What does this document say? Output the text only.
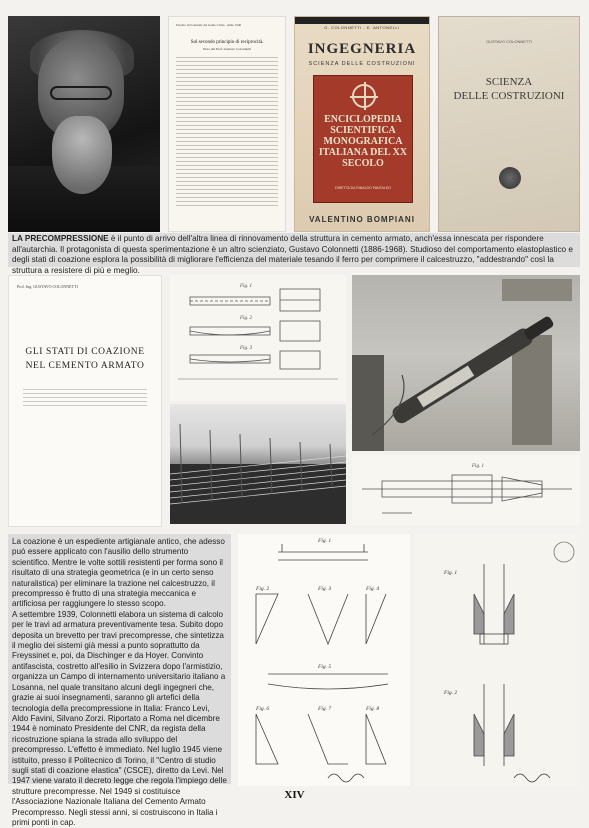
Estratto dal Giornale del Genio Civile - Anno 1940
Sul secondo principio di reciprocità.
Nota del Prof. Gustavo Colonnetti
G. COLONNETTI - E. ANTONELLI
INGEGNERIA
SCIENZA DELLE COSTRUZIONI
ENCICLOPEDIA SCIENTIFICA MONOGRAFICA ITALIANA DEL XX SECOLO
DIRETTA DA RINALDO PANTALEO
VALENTINO BOMPIANI
GUSTAVO COLONNETTI
SCIENZA
DELLE COSTRUZIONI
LA PRECOMPRESSIONE è il punto di arrivo dell'altra linea di rinnovamento della struttura in cemento armato, anch'essa innescata per rispondere all'autarchia. Il protagonista di questa sperimentazione è un altro scienziato, Gustavo Colonnetti (1886-1968). Studioso del comportamento elastoplastico e degli stati di coazione esplora la possibilità di migliorare l'efficienza del materiale tesando il ferro per comprimere il calcestruzzo, "addestrando" così la struttura a resistere di più e meglio.
Prof. Ing. GUSTAVO COLONNETTI
GLI STATI DI COAZIONE
NEL CEMENTO ARMATO
Fig. 1
Fig. 2
Fig. 3
Fig. 1

La coazione è un espediente artigianale antico, che adesso può essere applicato con l'ausilio dello strumento scientifico. Mentre le volte sottili resistenti per forma sono il risultato di una strategia geometrica (e in un certo senso naturalistica) per eliminare la trazione nel calcestruzzo, il precompresso è frutto di una strategia meccanica e artificiosa per raggiungere lo stesso scopo.

A settembre 1939, Colonnetti elabora un sistema di calcolo per le travi ad armatura preventivamente tesa. Subito dopo deposita un brevetto per travi precompresse, che sintetizza il meglio dei sistemi già messi a punto soprattutto da Freyssinet e, poi, da Dischinger e da Hoyer. Convinto antifascista, costretto all'esilio in Svizzera dopo l'armistizio, organizza un Campo di internamento universitario italiano a Losanna, nel quale transitano alcuni degli ingegneri che, grazie ai suoi insegnamenti, saranno gli artefici della tecnologia della precompressione in Italia: Franco Levi, Aldo Favini, Silvano Zorzi. Riportato a Roma nel dicembre 1944 è nominato Presidente del CNR, da regista della ricostruzione spiana la strada allo sviluppo del precompresso. L'effetto è immediato. Nel luglio 1945 viene istituito, presso il Politecnico di Torino, il "Centro di studio sugli stati di coazione elastica" (CSCE), diretto da Levi. Nel 1947 viene varato il decreto legge che regola l'impiego delle strutture precompresse. Nel 1949 si costituisce l'Associazione Nazionale Italiana del Cemento Armato Precompresso. Negli stessi anni, si costruiscono in Italia i primi ponti in cap.

Fig. 1
Fig. 2	Fig. 3	Fig. 4
Fig. 5
Fig. 6	Fig. 7	Fig. 8
Fig. 1
Fig. 2
XIV
